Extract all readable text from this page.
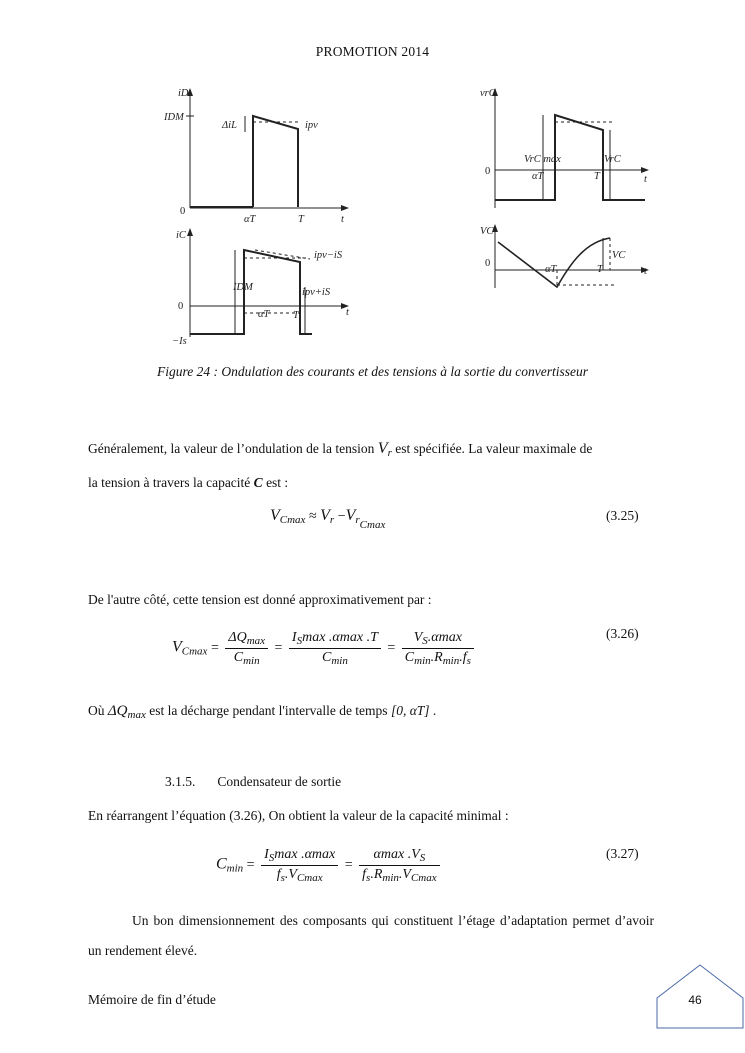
PROMOTION 2014
iD
IDM
ΔiL	ipv
0
αT	T	t
iC
ipv−iS
IDM	ipv+iS
0
αT T	t
−Is
vrC
VrC max	VrC
0	αT	T	t
VC
VC
0
αT	T	t
Figure 24 : Ondulation des courants et des tensions à la sortie du convertisseur
Généralement, la valeur de l’ondulation de la tension $V_r$ est spécifiée. La valeur maximale de
la tension à travers la capacité C est :
$V_{Cmax} \approx V_r -V_{rCmax}$
(3.25)
De l'autre côté, cette tension est donné approximativement par :
$V_{Cmax} = \frac{\Delta Q_{max}}{C_{min}} = \frac{I_S\max .\alpha\max .T}{C_{min}} = \frac{V_S.\alpha\max}{C_{min}.R_{min}.f_s}$	(3.26)
Où $\Delta Q_{max}$ est la décharge pendant l'intervalle de temps [0, αT] .
3.1.5. Condensateur de sortie
En réarrangent l’équation (3.26), On obtient la valeur de la capacité minimal :
$C_{min} = \frac{I_S\max .\alpha\max}{f_s.V_{Cmax}} = \frac{\alpha\max .V_S}{f_s.R_{min}.V_{Cmax}}$	(3.27)
Un bon dimensionnement des composants qui constituent l’étage d’adaptation permet d’avoir un rendement élevé.
Mémoire de fin d’étude	46
